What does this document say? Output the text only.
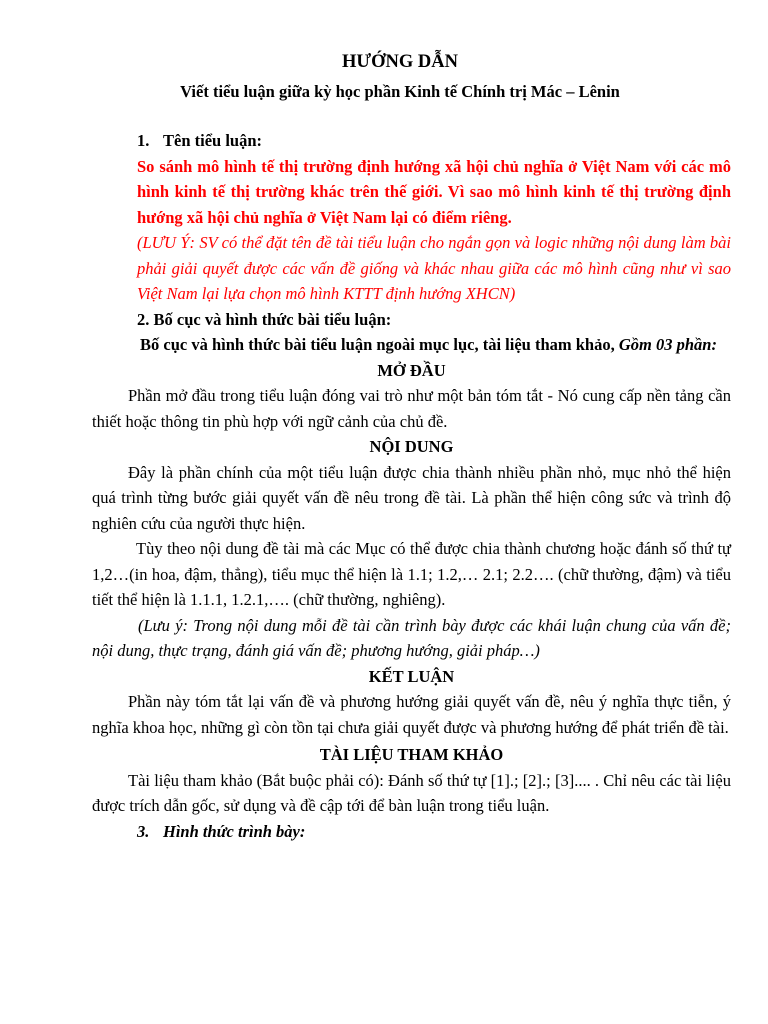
HƯỚNG DẪN
Viết tiểu luận giữa kỳ học phần Kinh tế Chính trị Mác – Lênin

1. Tên tiểu luận:

So sánh mô hình tế thị trường định hướng xã hội chủ nghĩa ở Việt Nam với các mô hình kinh tế thị trường khác trên thế giới. Vì sao mô hình kinh tế thị trường định hướng xã hội chủ nghĩa ở Việt Nam lại có điểm riêng.

(LƯU Ý: SV có thể đặt tên đề tài tiểu luận cho ngắn gọn và logic những nội dung làm bài phải giải quyết được các vấn đề giống và khác nhau giữa các mô hình cũng như vì sao Việt Nam lại lựa chọn mô hình KTTT định hướng XHCN)

2. Bố cục và hình thức bài tiểu luận:

Bố cục và hình thức bài tiểu luận ngoài mục lục, tài liệu tham khảo, Gồm 03 phần:

MỞ ĐẦU

Phần mở đầu trong tiểu luận đóng vai trò như một bản tóm tắt - Nó cung cấp nền tảng cần thiết hoặc thông tin phù hợp với ngữ cảnh của chủ đề.

NỘI DUNG

Đây là phần chính của một tiểu luận được chia thành nhiều phần nhỏ, mục nhỏ thể hiện quá trình từng bước giải quyết vấn đề nêu trong đề tài. Là phần thể hiện công sức và trình độ nghiên cứu của người thực hiện.

Tùy theo nội dung đề tài mà các Mục có thể được chia thành chương hoặc đánh số thứ tự 1,2…(in hoa, đậm, thẳng), tiểu mục thể hiện là 1.1; 1.2,… 2.1; 2.2…. (chữ thường, đậm) và tiểu tiết thể hiện là 1.1.1, 1.2.1,…. (chữ thường, nghiêng).

(Lưu ý: Trong nội dung mỗi đề tài cần trình bày được các khái luận chung của vấn đề; nội dung, thực trạng, đánh giá vấn đề; phương hướng, giải pháp…)

KẾT LUẬN

Phần này tóm tắt lại vấn đề và phương hướng giải quyết vấn đề, nêu ý nghĩa thực tiễn, ý nghĩa khoa học, những gì còn tồn tại chưa giải quyết được và phương hướng để phát triển đề tài.

TÀI LIỆU THAM KHẢO

Tài liệu tham khảo (Bắt buộc phải có): Đánh số thứ tự [1].; [2].; [3].... . Chỉ nêu các tài liệu được trích dẫn gốc, sử dụng và đề cập tới để bàn luận trong tiểu luận.

3. Hình thức trình bày:
